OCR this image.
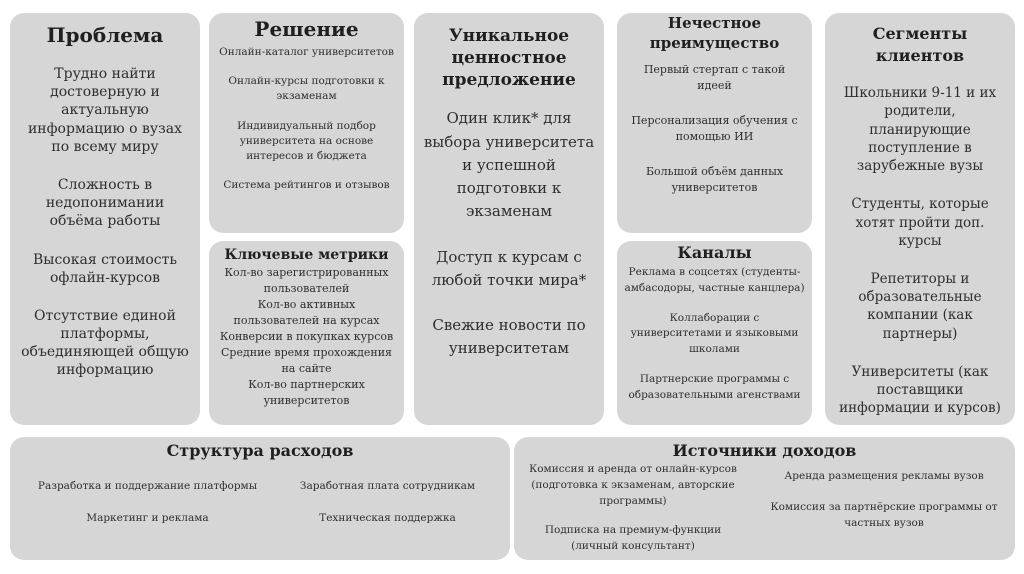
Проблема

Трудно найти достоверную и актуальную информацию о вузах по всему миру

Сложность в недопонимании объёма работы

Высокая стоимость офлайн-курсов

Отсутствие единой платформы, объединяющей общую информацию

Решение

Онлайн-каталог университетов

Онлайн-курсы подготовки к экзаменам

Индивидуальный подбор университета на основе интересов и бюджета

Система рейтингов и отзывов

Ключевые метрики

Кол-во зарегистрированных пользователей

Кол-во активных пользователей на курсах

Конверсии в покупках курсов

Средние время прохождения на сайте

Кол-во партнерских университетов

Уникальное ценностное предложение

Один клик* для выбора университета и успешной подготовки к экзаменам

Доступ к курсам с любой точки мира*

Свежие новости по университетам

Нечестное преимущество

Первый стертап с такой идеей

Персонализация обучения с помощью ИИ

Большой объём данных университетов

Каналы

Реклама в соцсетях (студенты-амбасодоры, частные канцлера)

Коллаборации с университетами и языковыми школами

Партнерские программы с образовательными агенствами

Сегменты клиентов

Школьники 9-11 и их родители, планирующие поступление в зарубежные вузы

Студенты, которые хотят пройти доп. курсы

Репетиторы и образовательные компании (как партнеры)

Университеты (как поставщики информации и курсов)

Структура расходов
Разработка и поддержание платформы	Заработная плата сотрудникам
Маркетинг и реклама	Техническая поддержка
Источники доходов
Комиссия и аренда от онлайн-курсов (подготовка к экзаменам, авторские программы)
Аренда размещения рекламы вузов
Подписка на премиум-функции (личный консультант)
Комиссия за партнёрские программы от частных вузов
